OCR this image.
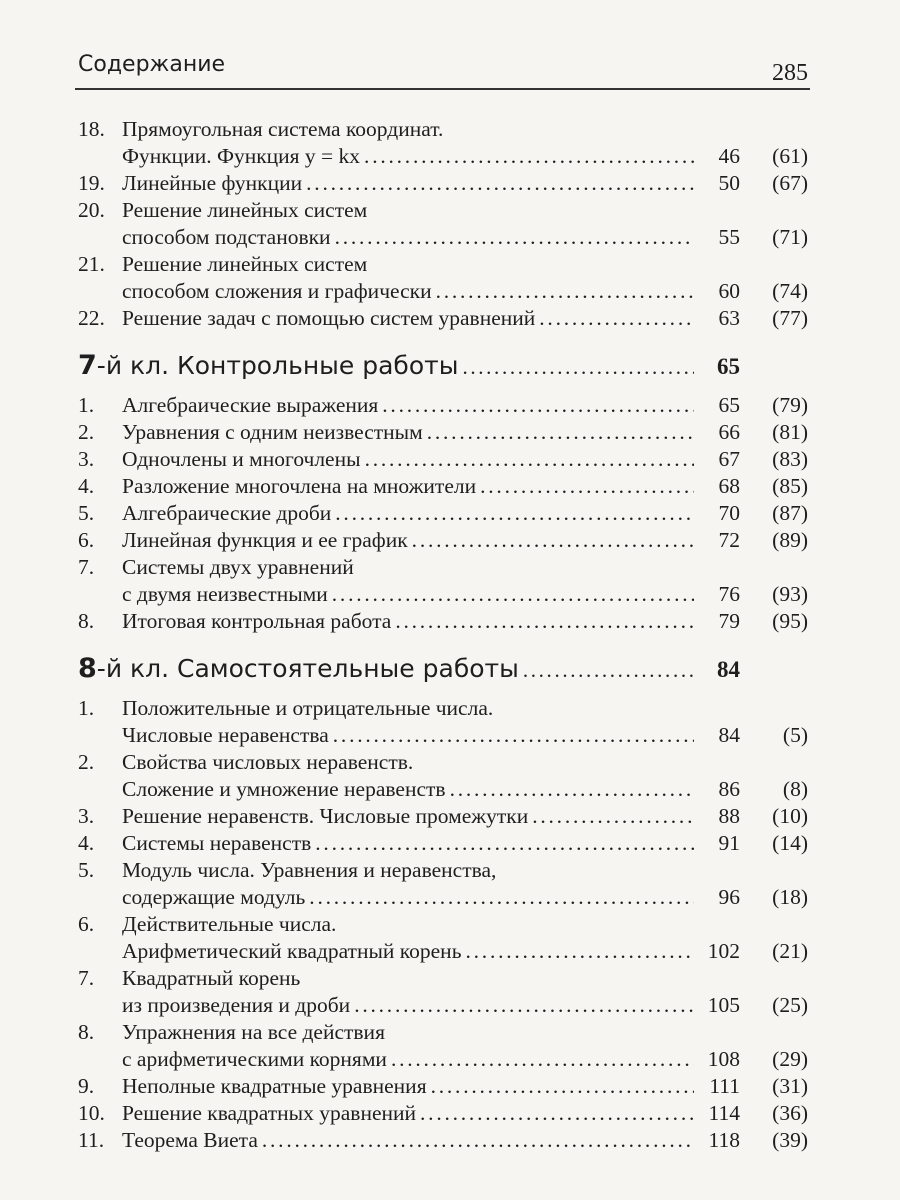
Содержание	285
18. Прямоугольная система координат.
Функции. Функция y = kx . . .	46	(61)
19. Линейные функции . . .	50	(67)
20. Решение линейных систем
способом подстановки . . .	55	(71)
21. Решение линейных систем
способом сложения и графически . . .	60	(74)
22. Решение задач с помощью систем уравнений . . .	63	(77)
7 -й кл. Контрольные работы . . .	65
1.	Алгебраические выражения . . .	65	(79)
2.	Уравнения с одним неизвестным . . .	66	(81)
3.	Одночлены и многочлены . . .	67	(83)
4.	Разложение многочлена на множители . . .	68	(85)
5.	Алгебраические дроби . . .	70	(87)
6.	Линейная функция и ее график . . .	72	(89)
7.	Системы двух уравнений
с двумя неизвестными . . .	76	(93)
8.	Итоговая контрольная работа . . .	79	(95)
8 -й кл. Самостоятельные работы . . .	84
1.	Положительные и отрицательные числа.
Числовые неравенства . . .	84	(5)
2.	Свойства числовых неравенств.
Сложение и умножение неравенств . . .	86	(8)
3.	Решение неравенств. Числовые промежутки . . .	88	(10)
4.	Системы неравенств . . .	91	(14)
5.	Модуль числа. Уравнения и неравенства,
содержащие модуль . . .	96	(18)
6.	Действительные числа.
Арифметический квадратный корень . . .	102	(21)
7.	Квадратный корень
из произведения и дроби . . .	105	(25)
8.	Упражнения на все действия
с арифметическими корнями . . .	108	(29)
9.	Неполные квадратные уравнения . . .	111	(31)
10. Решение квадратных уравнений . . .	114	(36)
11. Теорема Виета . . .	118	(39)
